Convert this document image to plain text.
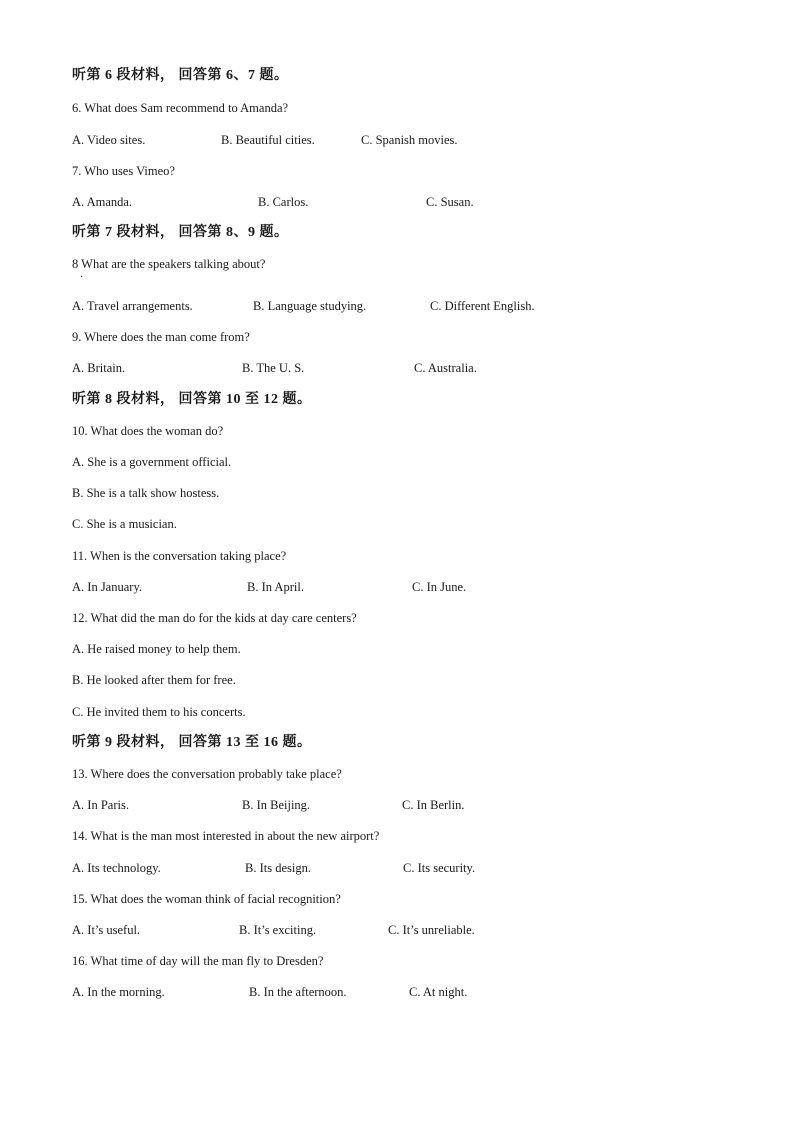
听第 6 段材料， 回答第 6、7 题。
6. What does Sam recommend to Amanda?
A. Video sites.	B. Beautiful cities.	C. Spanish movies.
7. Who uses Vimeo?
A. Amanda.	B. Carlos.	C. Susan.
听第 7 段材料， 回答第 8、9 题。
8 What are the speakers talking about?
·
A. Travel arrangements.	B. Language studying.	C. Different English.
9. Where does the man come from?
A. Britain.	B. The U. S.	C. Australia.
听第 8 段材料， 回答第 10 至 12 题。
10. What does the woman do?
A. She is a government official.
B. She is a talk show hostess.
C. She is a musician.
11. When is the conversation taking place?
A. In January.	B. In April.	C. In June.
12. What did the man do for the kids at day care centers?
A. He raised money to help them.
B. He looked after them for free.
C. He invited them to his concerts.
听第 9 段材料， 回答第 13 至 16 题。
13. Where does the conversation probably take place?
A. In Paris.	B. In Beijing.	C. In Berlin.
14. What is the man most interested in about the new airport?
A. Its technology.	B. Its design.	C. Its security.
15. What does the woman think of facial recognition?
A. It’s useful.	B. It’s exciting.	C. It’s unreliable.
16. What time of day will the man fly to Dresden?
A. In the morning.	B. In the afternoon.	C. At night.
